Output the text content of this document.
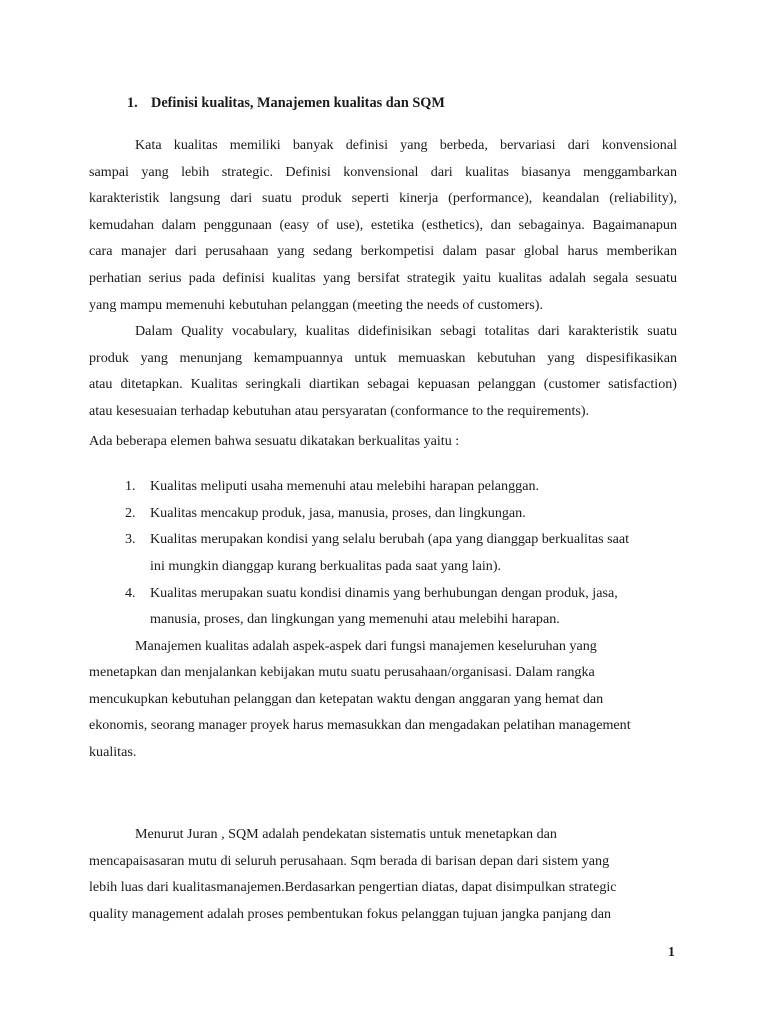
1. Definisi kualitas, Manajemen kualitas dan SQM
Kata kualitas memiliki banyak definisi yang berbeda, bervariasi dari konvensional
sampai yang lebih strategic. Definisi konvensional dari kualitas biasanya menggambarkan
karakteristik langsung dari suatu produk seperti kinerja (performance), keandalan (reliability),
kemudahan dalam penggunaan (easy of use), estetika (esthetics), dan sebagainya. Bagaimanapun
cara manajer dari perusahaan yang sedang berkompetisi dalam pasar global harus memberikan
perhatian serius pada definisi kualitas yang bersifat strategik yaitu kualitas adalah segala sesuatu
yang mampu memenuhi kebutuhan pelanggan (meeting the needs of customers).
Dalam Quality vocabulary, kualitas didefinisikan sebagi totalitas dari karakteristik suatu
produk yang menunjang kemampuannya untuk memuaskan kebutuhan yang dispesifikasikan
atau ditetapkan. Kualitas seringkali diartikan sebagai kepuasan pelanggan (customer satisfaction)
atau kesesuaian terhadap kebutuhan atau persyaratan (conformance to the requirements).
Ada beberapa elemen bahwa sesuatu dikatakan berkualitas yaitu :
1. Kualitas meliputi usaha memenuhi atau melebihi harapan pelanggan.
2. Kualitas mencakup produk, jasa, manusia, proses, dan lingkungan.
3. Kualitas merupakan kondisi yang selalu berubah (apa yang dianggap berkualitas saat
ini mungkin dianggap kurang berkualitas pada saat yang lain).
4. Kualitas merupakan suatu kondisi dinamis yang berhubungan dengan produk, jasa,
manusia, proses, dan lingkungan yang memenuhi atau melebihi harapan.
Manajemen kualitas adalah aspek-aspek dari fungsi manajemen keseluruhan yang
menetapkan dan menjalankan kebijakan mutu suatu perusahaan/organisasi. Dalam rangka
mencukupkan kebutuhan pelanggan dan ketepatan waktu dengan anggaran yang hemat dan
ekonomis, seorang manager proyek harus memasukkan dan mengadakan pelatihan management
kualitas.
Menurut Juran , SQM adalah pendekatan sistematis untuk menetapkan dan
mencapaisasaran mutu di seluruh perusahaan. Sqm berada di barisan depan dari sistem yang
lebih luas dari kualitasmanajemen.Berdasarkan pengertian diatas, dapat disimpulkan strategic
quality management adalah proses pembentukan fokus pelanggan tujuan jangka panjang dan
1
